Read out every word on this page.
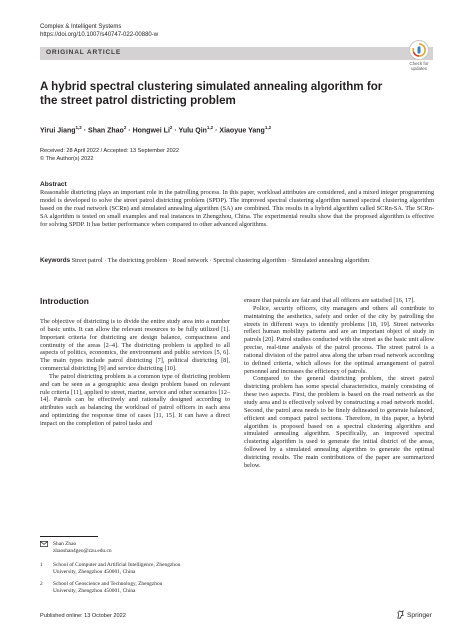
Complex & Intelligent Systems
https://doi.org/10.1007/s40747-022-00880-w
ORIGINAL ARTICLE
Check for
updates
A hybrid spectral clustering simulated annealing algorithm for the street patrol districting problem
Yirui Jiang$^{1,2}$ · Shan Zhao$^2$ · Hongwei $Li^2$ · Yulu Qin$^{1,2}$ · Xiaoyue Yang$^{1,2}$
Received: 28 April 2022 / Accepted: 13 September 2022
© The Author(s) 2022
Abstract
Reasonable districting plays an important role in the patrolling process. In this paper, workload attributes are considered, and a mixed integer programming model is developed to solve the street patrol districting problem (SPDP). The improved spectral clustering algorithm named spectral clustering algorithm based on the road network (SCRn) and simulated annealing algorithm (SA) are combined. This results in a hybrid algorithm called SCRn-SA. The SCRn-SA algorithm is tested on small examples and real instances in Zhengzhou, China. The experimental results show that the proposed algorithm is effective for solving SPDP. It has better performance when compared to other advanced algorithms.
Keywords Street patrol · The districting problem · Road network · Spectral clustering algorithm · Simulated annealing algorithm
Introduction

The objective of districting is to divide the entire study area into a number of basic units. It can allow the relevant resources to be fully utilized [1]. Important criteria for districting are design balance, compactness and continuity of the areas [2–4]. The districting problem is applied to all aspects of politics, economics, the environment and public services [5, 6]. The main types include patrol districting [7], political districting [8], commercial districting [9] and service districting [10].

The patrol districting problem is a common type of districting problem and can be seen as a geographic area design problem based on relevant rule criteria [11], applied to street, marine, service and other scenarios [12–14]. Patrols can be effectively and rationally designed according to attributes such as balancing the workload of patrol officers in each area and optimizing the response time of cases [11, 15]. It can have a direct impact on the completion of patrol tasks and

ensure that patrols are fair and that all officers are satisfied [16, 17].

Police, security officers, city managers and others all contribute to maintaining the aesthetics, safety and order of the city by patrolling the streets in different ways to identify problems [18, 19]. Street networks reflect human mobility patterns and are an important object of study in patrols [20]. Patrol studies conducted with the street as the basic unit allow precise, real-time analysis of the patrol process. The street patrol is a rational division of the patrol area along the urban road network according to defined criteria, which allows for the optimal arrangement of patrol personnel and increases the efficiency of patrols.

Compared to the general districting problem, the street patrol districting problem has some special characteristics, mainly consisting of these two aspects. First, the problem is based on the road network as the study area and is effectively solved by constructing a road network model. Second, the patrol area needs to be finely delineated to generate balanced, efficient and compact patrol sections. Therefore, in this paper, a hybrid algorithm is proposed based on a spectral clustering algorithm and simulated annealing algorithm. Specifically, an improved spectral clustering algorithm is used to generate the initial district of the areas, followed by a simulated annealing algorithm to generate the optimal districting results. The main contributions of the paper are summarized below.

Shan Zhao
zhaoshan4geo@zzu.edu.cn
1	School of Computer and Artificial Intelligence, Zhengzhou
University, Zhengzhou 450001, China
2	School of Geoscience and Technology, Zhengzhou
University, Zhengzhou 450001, China
Published online: 13 October 2022	Springer
